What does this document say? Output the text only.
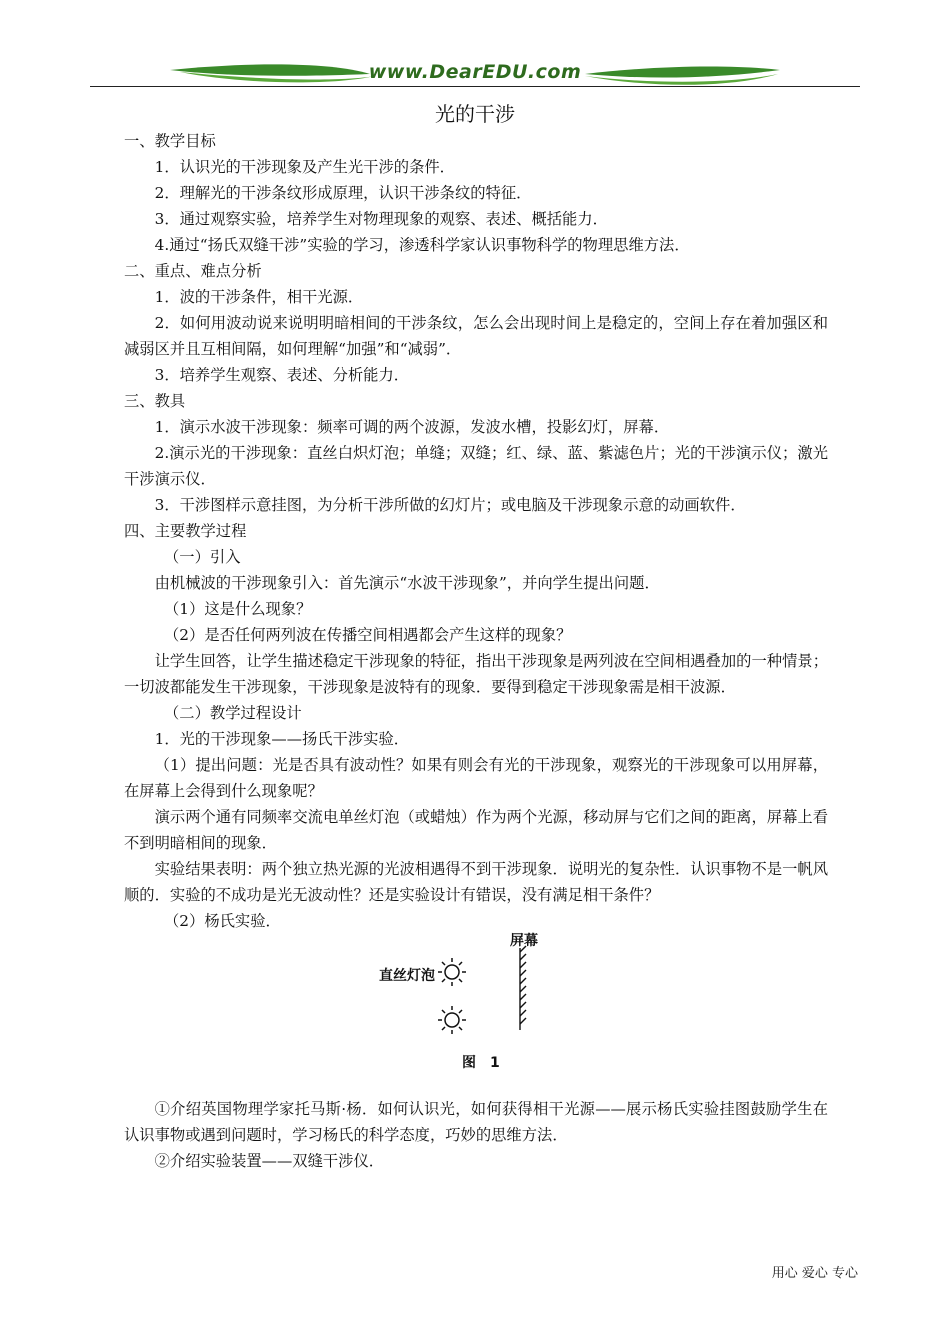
www.DearEDU.com
光的干涉

一、教学目标

1．认识光的干涉现象及产生光干涉的条件．

2．理解光的干涉条纹形成原理，认识干涉条纹的特征．

3．通过观察实验，培养学生对物理现象的观察、表述、概括能力．

4.通过“扬氏双缝干涉”实验的学习，渗透科学家认识事物科学的物理思维方法．

二、重点、难点分析

1．波的干涉条件，相干光源．

2．如何用波动说来说明明暗相间的干涉条纹，怎么会出现时间上是稳定的，空间上存在着加强区和减弱区并且互相间隔，如何理解“加强”和“减弱”．

3．培养学生观察、表述、分析能力．

三、教具

1．演示水波干涉现象：频率可调的两个波源，发波水槽，投影幻灯，屏幕．

2.演示光的干涉现象：直丝白炽灯泡；单缝；双缝；红、绿、蓝、紫滤色片；光的干涉演示仪；激光干涉演示仪．

3．干涉图样示意挂图，为分析干涉所做的幻灯片；或电脑及干涉现象示意的动画软件．

四、主要教学过程

（一）引入

由机械波的干涉现象引入：首先演示“水波干涉现象”，并向学生提出问题．

（1）这是什么现象？

（2）是否任何两列波在传播空间相遇都会产生这样的现象？

让学生回答，让学生描述稳定干涉现象的特征，指出干涉现象是两列波在空间相遇叠加的一种情景；一切波都能发生干涉现象，干涉现象是波特有的现象．要得到稳定干涉现象需是相干波源．

（二）教学过程设计

1．光的干涉现象——扬氏干涉实验．

（1）提出问题：光是否具有波动性？如果有则会有光的干涉现象，观察光的干涉现象可以用屏幕，在屏幕上会得到什么现象呢？

演示两个通有同频率交流电单丝灯泡（或蜡烛）作为两个光源，移动屏与它们之间的距离，屏幕上看不到明暗相间的现象．

实验结果表明：两个独立热光源的光波相遇得不到干涉现象．说明光的复杂性．认识事物不是一帆风顺的．实验的不成功是光无波动性？还是实验设计有错误，没有满足相干条件？

（2）杨氏实验．

直丝灯泡
屏幕
图　1

①介绍英国物理学家托马斯·杨．如何认识光，如何获得相干光源——展示杨氏实验挂图鼓励学生在认识事物或遇到问题时，学习杨氏的科学态度，巧妙的思维方法．

②介绍实验装置——双缝干涉仪．

用心 爱心 专心
